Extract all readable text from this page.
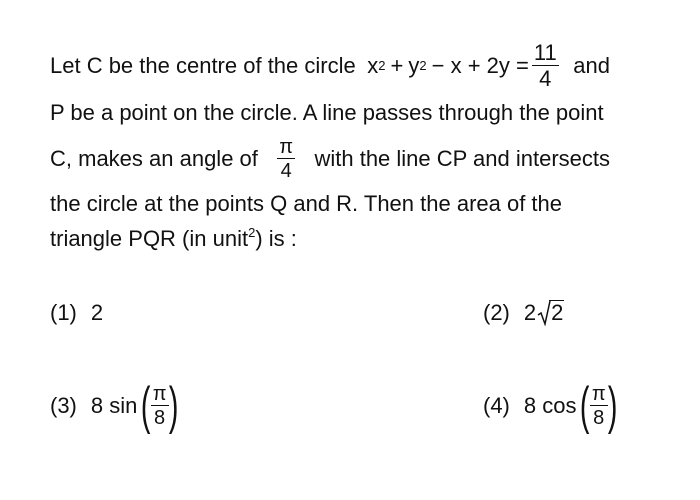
Let C be the centre of the circle x 2 + y $2 - x + 2y = \frac{11}{4}$ and
P be a point on the circle. A line passes through the point
C, makes an angle of $\frac{\pi}{4}$ with the line CP and intersects
the circle at the points Q and R. Then the area of the
triangle PQR (in unit$^2$) is :
(1) 2	(2) 2 2
(3) 8 sin ( $\frac{\pi}{8}$ )	(4) 8 cos ( $\frac{\pi}{8}$ )
